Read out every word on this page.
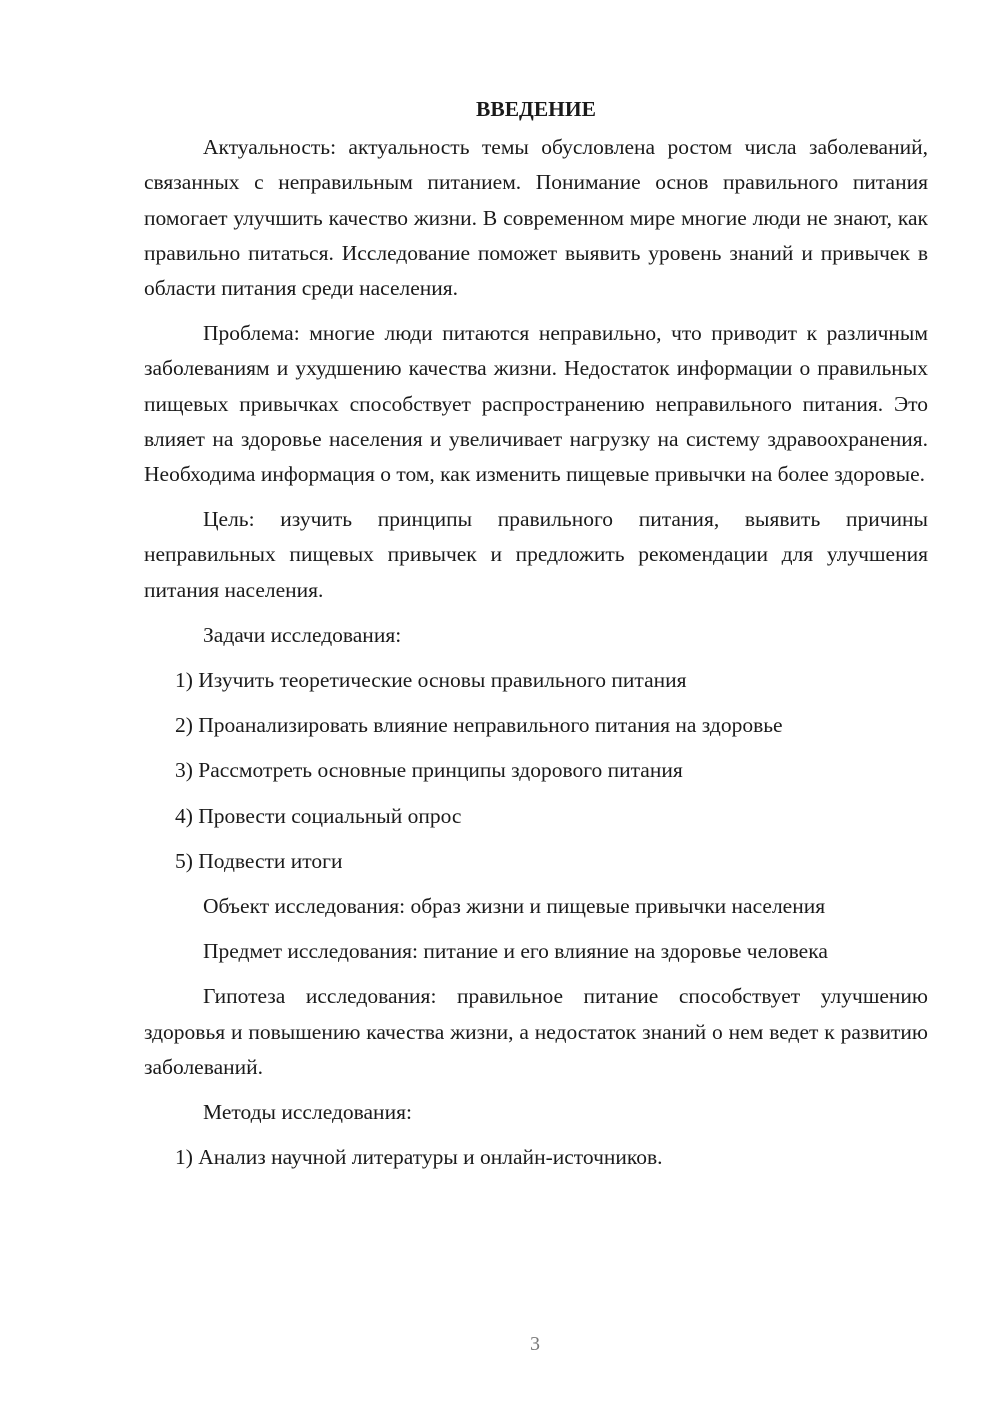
ВВЕДЕНИЕ

Актуальность: актуальность темы обусловлена ростом числа заболеваний, связанных с неправильным питанием. Понимание основ правильного питания помогает улучшить качество жизни. В современном мире многие люди не знают, как правильно питаться. Исследование поможет выявить уровень знаний и привычек в области питания среди населения.

Проблема: многие люди питаются неправильно, что приводит к различным заболеваниям и ухудшению качества жизни. Недостаток информации о правильных пищевых привычках способствует распространению неправильного питания. Это влияет на здоровье населения и увеличивает нагрузку на систему здравоохранения. Необходима информация о том, как изменить пищевые привычки на более здоровые.

Цель: изучить принципы правильного питания, выявить причины неправильных пищевых привычек и предложить рекомендации для улучшения питания населения.

Задачи исследования:

1) Изучить теоретические основы правильного питания

2) Проанализировать влияние неправильного питания на здоровье

3) Рассмотреть основные принципы здорового питания

4) Провести социальный опрос

5) Подвести итоги

Объект исследования: образ жизни и пищевые привычки населения

Предмет исследования: питание и его влияние на здоровье человека

Гипотеза исследования: правильное питание способствует улучшению здоровья и повышению качества жизни, а недостаток знаний о нем ведет к развитию заболеваний.

Методы исследования:

1) Анализ научной литературы и онлайн-источников.

3
